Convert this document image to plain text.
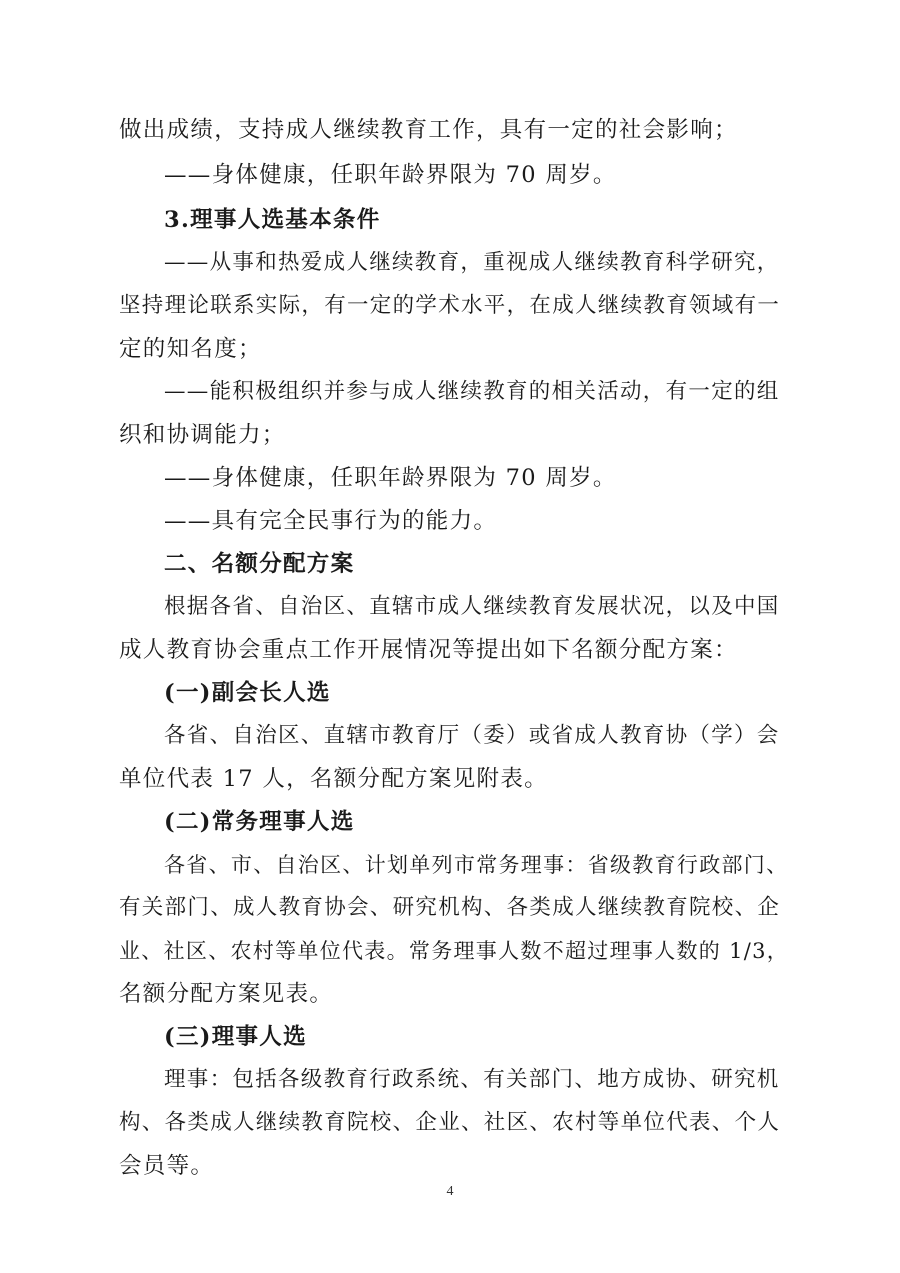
做出成绩，支持成人继续教育工作，具有一定的社会影响；

——身体健康，任职年龄界限为 70 周岁。

3.理事人选基本条件

——从事和热爱成人继续教育，重视成人继续教育科学研究，

坚持理论联系实际，有一定的学术水平，在成人继续教育领域有一

定的知名度；

——能积极组织并参与成人继续教育的相关活动，有一定的组

织和协调能力；

——身体健康，任职年龄界限为 70 周岁。

——具有完全民事行为的能力。

二、名额分配方案

根据各省、自治区、直辖市成人继续教育发展状况，以及中国

成人教育协会重点工作开展情况等提出如下名额分配方案：

(一)副会长人选

各省、自治区、直辖市教育厅（委）或省成人教育协（学）会

单位代表 17 人，名额分配方案见附表。

(二)常务理事人选

各省、市、自治区、计划单列市常务理事：省级教育行政部门、

有关部门、成人教育协会、研究机构、各类成人继续教育院校、企

业、社区、农村等单位代表。常务理事人数不超过理事人数的 1/3，

名额分配方案见表。

(三)理事人选

理事：包括各级教育行政系统、有关部门、地方成协、研究机

构、各类成人继续教育院校、企业、社区、农村等单位代表、个人

会员等。

4
